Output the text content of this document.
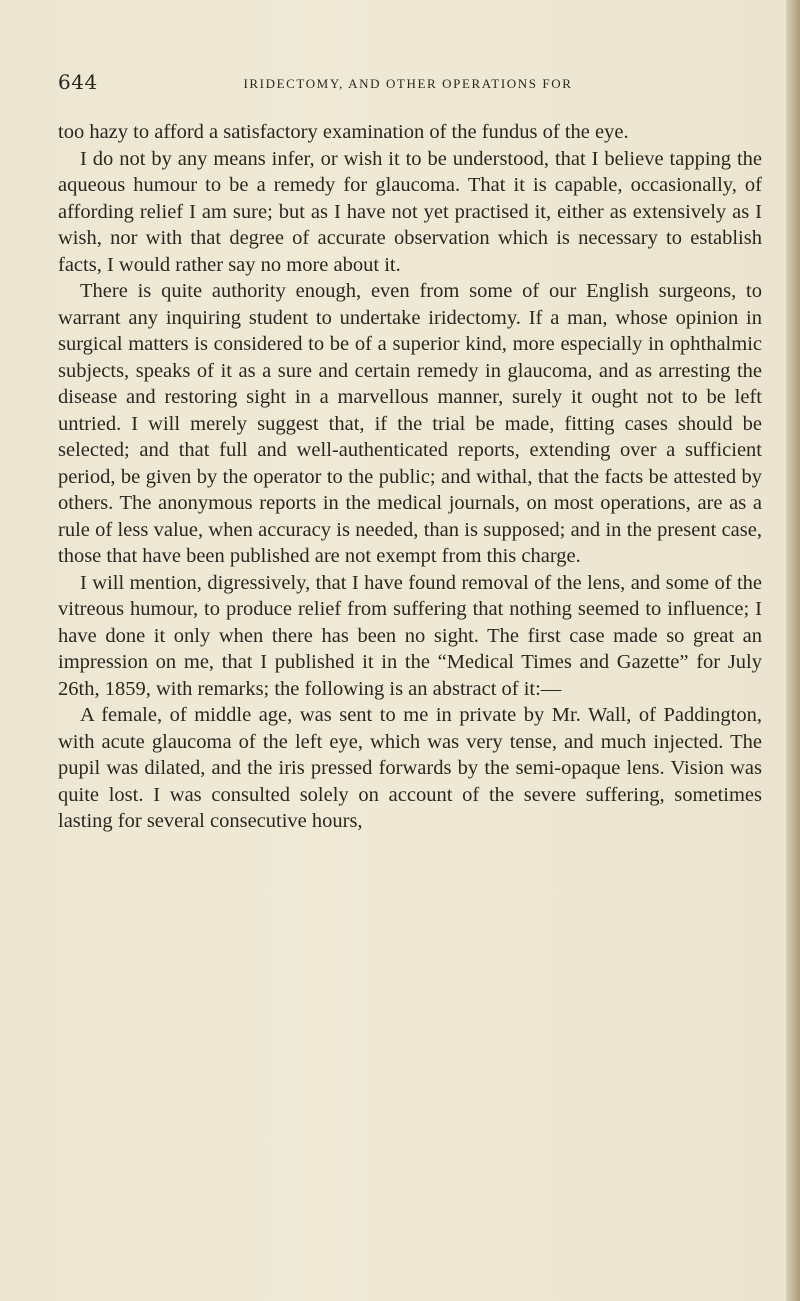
644	IRIDECTOMY, AND OTHER OPERATIONS FOR

too hazy to afford a satisfactory examination of the fundus of the eye.

I do not by any means infer, or wish it to be understood, that I believe tapping the aqueous humour to be a remedy for glaucoma. That it is capable, occasionally, of affording relief I am sure; but as I have not yet practised it, either as extensively as I wish, nor with that degree of accurate observation which is necessary to establish facts, I would rather say no more about it.

There is quite authority enough, even from some of our English surgeons, to warrant any inquiring student to undertake iridectomy. If a man, whose opinion in surgical matters is considered to be of a superior kind, more especially in ophthalmic subjects, speaks of it as a sure and certain remedy in glaucoma, and as arresting the disease and restoring sight in a marvellous manner, surely it ought not to be left untried. I will merely suggest that, if the trial be made, fitting cases should be selected; and that full and well-authenticated reports, extending over a sufficient period, be given by the operator to the public; and withal, that the facts be attested by others. The anonymous reports in the medical journals, on most operations, are as a rule of less value, when accuracy is needed, than is supposed; and in the present case, those that have been published are not exempt from this charge.

I will mention, digressively, that I have found removal of the lens, and some of the vitreous humour, to produce relief from suffering that nothing seemed to influence; I have done it only when there has been no sight. The first case made so great an impression on me, that I published it in the “Medical Times and Gazette” for July 26th, 1859, with remarks; the following is an abstract of it:—

A female, of middle age, was sent to me in private by Mr. Wall, of Paddington, with acute glaucoma of the left eye, which was very tense, and much injected. The pupil was dilated, and the iris pressed forwards by the semi-opaque lens. Vision was quite lost. I was consulted solely on account of the severe suffering, sometimes lasting for several consecutive hours,
